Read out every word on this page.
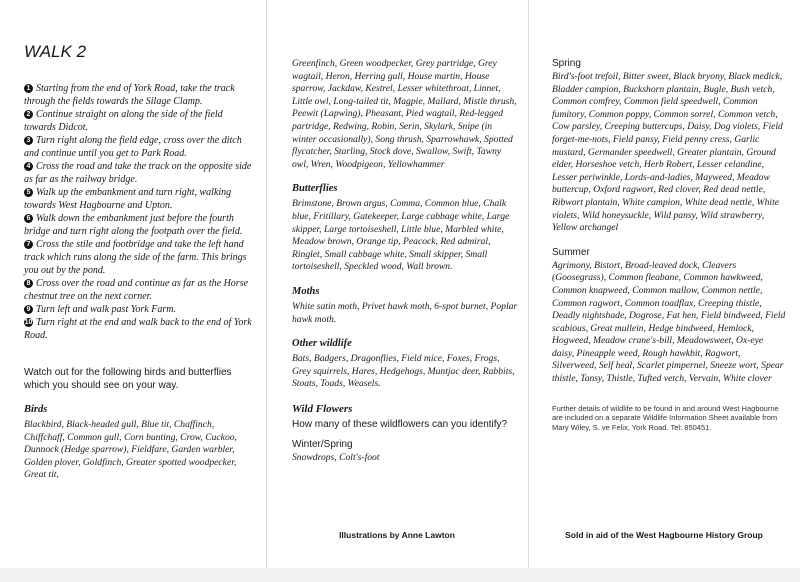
WALK 2
1 Starting from the end of York Road, take the track through the fields towards the Silage Clamp.
2 Continue straight on along the side of the field towards Didcot.
3 Turn right along the field edge, cross over the ditch and continue until you get to Park Road.
4 Cross the road and take the track on the opposite side as far as the railway bridge.
5 Walk up the embankment and turn right, walking towards West Hagbourne and Upton.
6 Walk down the embankment just before the fourth bridge and turn right along the footpath over the field.
7 Cross the stile and footbridge and take the left hand track which runs along the side of the farm. This brings you out by the pond.
8 Cross over the road and continue as far as the Horse chestnut tree on the next corner.
9 Turn left and walk past York Farm.
10 Turn right at the end and walk back to the end of York Road.

Watch out for the following birds and butterflies which you should see on your way.

Birds

Blackbird, Black-headed gull, Blue tit, Chaffinch, Chiffchaff, Common gull, Corn bunting, Crow, Cuckoo, Dunnock (Hedge sparrow), Fieldfare, Garden warbler, Golden plover, Goldfinch, Greater spotted woodpecker, Great tit,

Greenfinch, Green woodpecker, Grey partridge, Grey wagtail, Heron, Herring gull, House martin, House sparrow, Jackdaw, Kestrel, Lesser whitethroat, Linnet, Little owl, Long-tailed tit, Magpie, Mallard, Mistle thrush, Peewit (Lapwing), Pheasant, Pied wagtail, Red-legged partridge, Redwing, Robin, Serin, Skylark, Snipe (in winter occasionally), Song thrush, Sparrowhawk, Spotted flycatcher, Starling, Stock dove, Swallow, Swift, Tawny owl, Wren, Woodpigeon, Yellowhammer

Butterflies

Brimstone, Brown argus, Comma, Common blue, Chalk blue, Fritillary, Gatekeeper, Large cabbage white, Large skipper, Large tortoiseshell, Little blue, Marbled white, Meadow brown, Orange tip, Peacock, Red admiral, Ringlet, Small cabbage white, Small skipper, Small tortoiseshell, Speckled wood, Wall brown.

Moths

White satin moth, Privet hawk moth, 6-spot burnet, Poplar hawk moth.

Other wildlife

Bats, Badgers, Dragonflies, Field mice, Foxes, Frogs, Grey squirrels, Hares, Hedgehogs, Muntjac deer, Rabbits, Stoats, Toads, Weasels.

Wild Flowers

How many of these wildflowers can you identify?

Winter/Spring

Snowdrops, Colt's-foot

Illustrations by Anne Lawton

Spring

Bird's-foot trefoil, Bitter sweet, Black bryony, Black medick, Bladder campion, Buckshorn plantain, Bugle, Bush vetch, Common comfrey, Common field speedwell, Common fumitory, Common poppy, Common sorrel, Common vetch, Cow parsley, Creeping buttercups, Daisy, Dog violets, Field forget-me-nots, Field pansy, Field penny cress, Garlic mustard, Germander speedwell, Greater plantain, Ground elder, Horseshoe vetch, Herb Robert, Lesser celandine, Lesser periwinkle, Lords-and-ladies, Mayweed, Meadow buttercup, Oxford ragwort, Red clover, Red dead nettle, Ribwort plantain, White campion, White dead nettle, White violets, Wild honeysuckle, Wild pansy, Wild strawberry, Yellow archangel

Summer

Agrimony, Bistort, Broad-leaved dock, Cleavers (Goosegrass), Common fleabane, Common hawkweed, Common knapweed, Common mallow, Common nettle, Common ragwort, Common toadflax, Creeping thistle, Deadly nightshade, Dogrose, Fat hen, Field bindweed, Field scabious, Great mullein, Hedge bindweed, Hemlock, Hogweed, Meadow crane's-bill, Meadowsweet, Ox-eye daisy, Pineapple weed, Rough hawkbit, Ragwort, Silverweed, Self heal, Scarlet pimpernel, Sneeze wort, Spear thistle, Tansy, Thistle, Tufted vetch, Vervain, White clover

Further details of wildlife to be found in and around West Hagbourne are included on a separate Wildlife Information Sheet available from Mary Wiley, S. ve Felix, York Road. Tel: 850451.

Sold in aid of the West Hagbourne History Group
